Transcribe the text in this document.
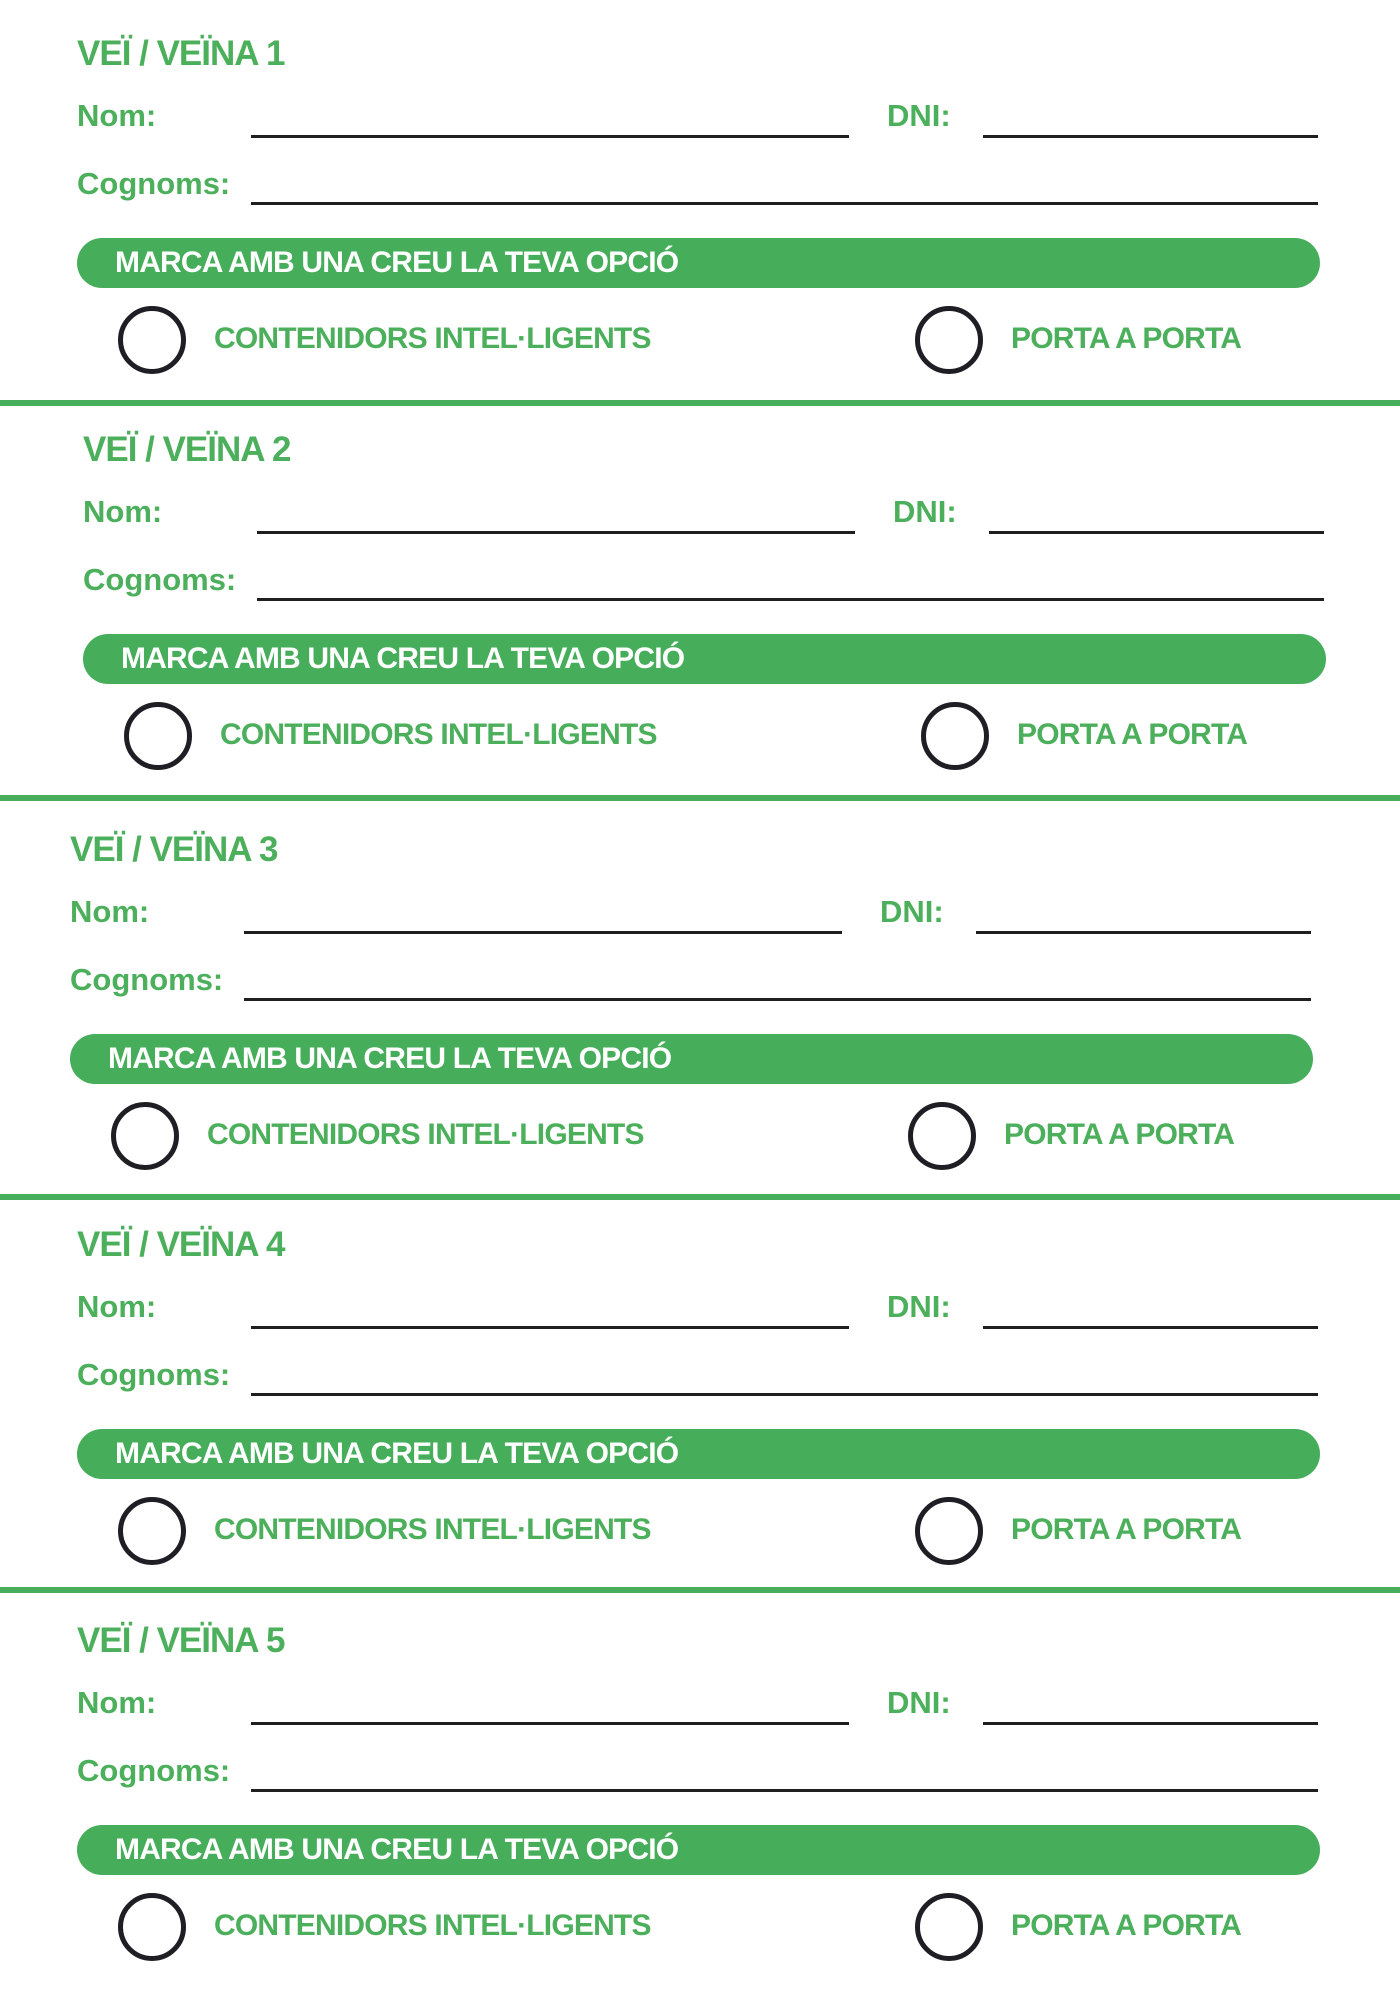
VEÏ / VEÏNA 1
Nom:	DNI:
Cognoms:
MARCA AMB UNA CREU LA TEVA OPCIÓ
CONTENIDORS INTEL·LIGENTS	PORTA A PORTA
VEÏ / VEÏNA 2
Nom:	DNI:
Cognoms:
MARCA AMB UNA CREU LA TEVA OPCIÓ
CONTENIDORS INTEL·LIGENTS	PORTA A PORTA
VEÏ / VEÏNA 3
Nom:	DNI:
Cognoms:
MARCA AMB UNA CREU LA TEVA OPCIÓ
CONTENIDORS INTEL·LIGENTS	PORTA A PORTA
VEÏ / VEÏNA 4
Nom:	DNI:
Cognoms:
MARCA AMB UNA CREU LA TEVA OPCIÓ
CONTENIDORS INTEL·LIGENTS	PORTA A PORTA
VEÏ / VEÏNA 5
Nom:	DNI:
Cognoms:
MARCA AMB UNA CREU LA TEVA OPCIÓ
CONTENIDORS INTEL·LIGENTS	PORTA A PORTA
